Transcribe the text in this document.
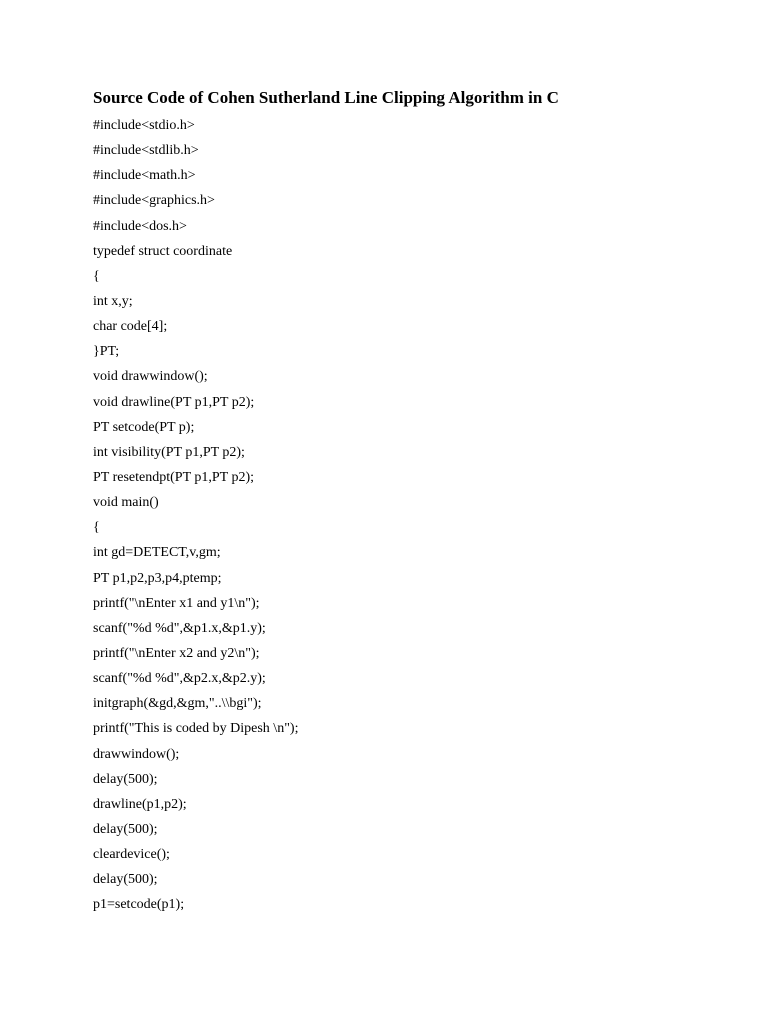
Source Code of Cohen Sutherland Line Clipping Algorithm in C
#include<stdio.h>
#include<stdlib.h>
#include<math.h>
#include<graphics.h>
#include<dos.h>
typedef struct coordinate
{
int x,y;
char code[4];
}PT;
void drawwindow();
void drawline(PT p1,PT p2);
PT setcode(PT p);
int visibility(PT p1,PT p2);
PT resetendpt(PT p1,PT p2);
void main()
{
int gd=DETECT,v,gm;
PT p1,p2,p3,p4,ptemp;
printf("\nEnter x1 and y1\n");
scanf("%d %d",&p1.x,&p1.y);
printf("\nEnter x2 and y2\n");
scanf("%d %d",&p2.x,&p2.y);
initgraph(&gd,&gm,"..\\bgi");
printf("This is coded by Dipesh \n");
drawwindow();
delay(500);
drawline(p1,p2);
delay(500);
cleardevice();
delay(500);
p1=setcode(p1);
